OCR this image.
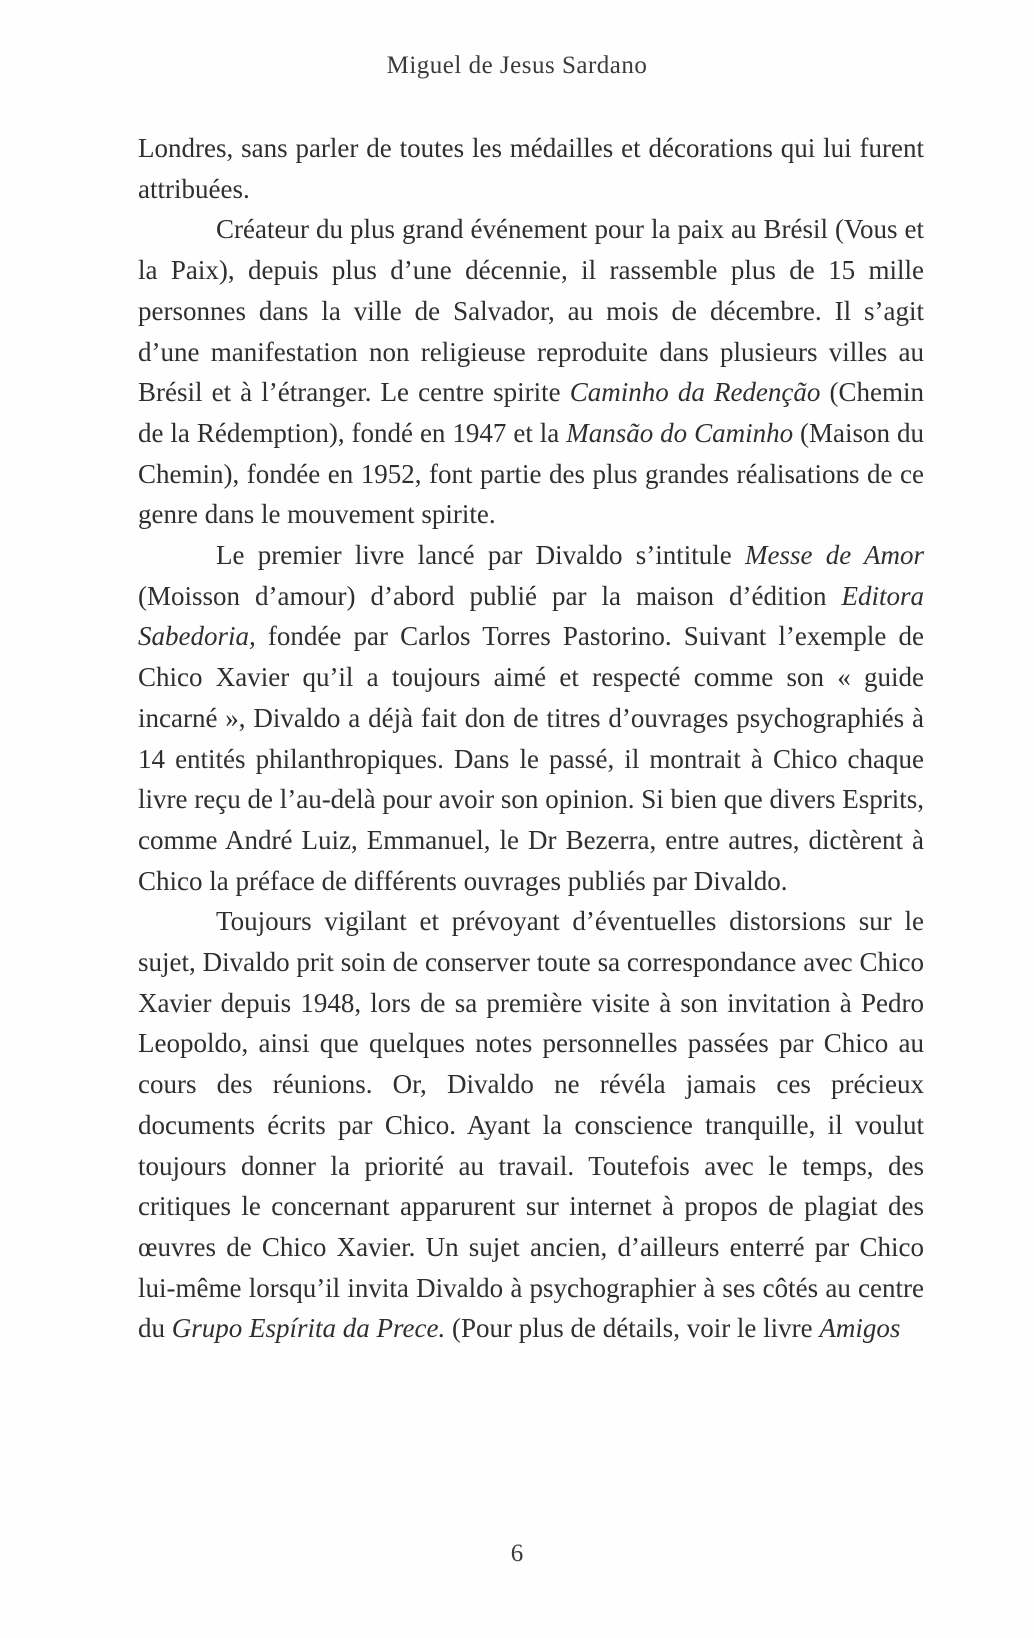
Miguel de Jesus Sardano

Londres, sans parler de toutes les médailles et décorations qui lui furent attribuées.

Créateur du plus grand événement pour la paix au Brésil (Vous et la Paix), depuis plus d’une décennie, il rassemble plus de 15 mille personnes dans la ville de Salvador, au mois de décembre. Il s’agit d’une manifestation non religieuse reproduite dans plusieurs villes au Brésil et à l’étranger. Le centre spirite Caminho da Redenção (Chemin de la Rédemption), fondé en 1947 et la Mansão do Caminho (Maison du Chemin), fondée en 1952, font partie des plus grandes réalisations de ce genre dans le mouvement spirite.

Le premier livre lancé par Divaldo s’intitule Messe de Amor (Moisson d’amour) d’abord publié par la maison d’édition Editora Sabedoria, fondée par Carlos Torres Pastorino. Suivant l’exemple de Chico Xavier qu’il a toujours aimé et respecté comme son « guide incarné », Divaldo a déjà fait don de titres d’ouvrages psychographiés à 14 entités philanthropiques. Dans le passé, il montrait à Chico chaque livre reçu de l’au-delà pour avoir son opinion. Si bien que divers Esprits, comme André Luiz, Emmanuel, le Dr Bezerra, entre autres, dictèrent à Chico la préface de différents ouvrages publiés par Divaldo.

Toujours vigilant et prévoyant d’éventuelles distorsions sur le sujet, Divaldo prit soin de conserver toute sa correspondance avec Chico Xavier depuis 1948, lors de sa première visite à son invitation à Pedro Leopoldo, ainsi que quelques notes personnelles passées par Chico au cours des réunions. Or, Divaldo ne révéla jamais ces précieux documents écrits par Chico. Ayant la conscience tranquille, il voulut toujours donner la priorité au travail. Toutefois avec le temps, des critiques le concernant apparurent sur internet à propos de plagiat des œuvres de Chico Xavier. Un sujet ancien, d’ailleurs enterré par Chico lui-même lorsqu’il invita Divaldo à psychographier à ses côtés au centre du Grupo Espírita da Prece. (Pour plus de détails, voir le livre Amigos

6
